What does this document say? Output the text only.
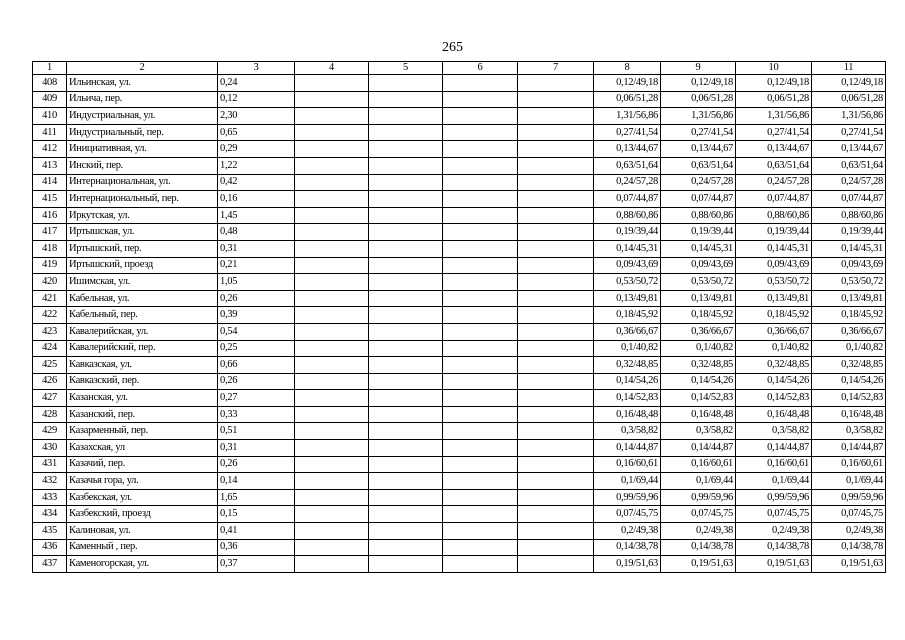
265
1	2	3	4	5	6	7	8	9	10	11
408	Ильинская, ул.	0,24					0,12/49,18	0,12/49,18	0,12/49,18	0,12/49,18
409	Ильича, пер.	0,12					0,06/51,28	0,06/51,28	0,06/51,28	0,06/51,28
410	Индустриальная, ул.	2,30					1,31/56,86	1,31/56,86	1,31/56,86	1,31/56,86
411	Индустриальный, пер.	0,65					0,27/41,54	0,27/41,54	0,27/41,54	0,27/41,54
412	Инициативная, ул.	0,29					0,13/44,67	0,13/44,67	0,13/44,67	0,13/44,67
413	Инский, пер.	1,22					0,63/51,64	0,63/51,64	0,63/51,64	0,63/51,64
414	Интернациональная, ул.	0,42					0,24/57,28	0,24/57,28	0,24/57,28	0,24/57,28
415	Интернациональный, пер.	0,16					0,07/44,87	0,07/44,87	0,07/44,87	0,07/44,87
416	Иркутская, ул.	1,45					0,88/60,86	0,88/60,86	0,88/60,86	0,88/60,86
417	Иртышская, ул.	0,48					0,19/39,44	0,19/39,44	0,19/39,44	0,19/39,44
418	Иртышский, пер.	0,31					0,14/45,31	0,14/45,31	0,14/45,31	0,14/45,31
419	Иртышский, проезд	0,21					0,09/43,69	0,09/43,69	0,09/43,69	0,09/43,69
420	Ишимская, ул.	1,05					0,53/50,72	0,53/50,72	0,53/50,72	0,53/50,72
421	Кабельная, ул.	0,26					0,13/49,81	0,13/49,81	0,13/49,81	0,13/49,81
422	Кабельный, пер.	0,39					0,18/45,92	0,18/45,92	0,18/45,92	0,18/45,92
423	Кавалерийская, ул.	0,54					0,36/66,67	0,36/66,67	0,36/66,67	0,36/66,67
424	Кавалерийский, пер.	0,25					0,1/40,82	0,1/40,82	0,1/40,82	0,1/40,82
425	Кавказская, ул.	0,66					0,32/48,85	0,32/48,85	0,32/48,85	0,32/48,85
426	Кавказский, пер.	0,26					0,14/54,26	0,14/54,26	0,14/54,26	0,14/54,26
427	Казанская, ул.	0,27					0,14/52,83	0,14/52,83	0,14/52,83	0,14/52,83
428	Казанский, пер.	0,33					0,16/48,48	0,16/48,48	0,16/48,48	0,16/48,48
429	Казарменный, пер.	0,51					0,3/58,82	0,3/58,82	0,3/58,82	0,3/58,82
430	Казахская, ул	0,31					0,14/44,87	0,14/44,87	0,14/44,87	0,14/44,87
431	Казачий, пер.	0,26					0,16/60,61	0,16/60,61	0,16/60,61	0,16/60,61
432	Казачья гора, ул.	0,14					0,1/69,44	0,1/69,44	0,1/69,44	0,1/69,44
433	Казбекская, ул.	1,65					0,99/59,96	0,99/59,96	0,99/59,96	0,99/59,96
434	Казбекский, проезд	0,15					0,07/45,75	0,07/45,75	0,07/45,75	0,07/45,75
435	Калиновая, ул.	0,41					0,2/49,38	0,2/49,38	0,2/49,38	0,2/49,38
436	Каменный , пер.	0,36					0,14/38,78	0,14/38,78	0,14/38,78	0,14/38,78
437	Каменогорская, ул.	0,37					0,19/51,63	0,19/51,63	0,19/51,63	0,19/51,63
